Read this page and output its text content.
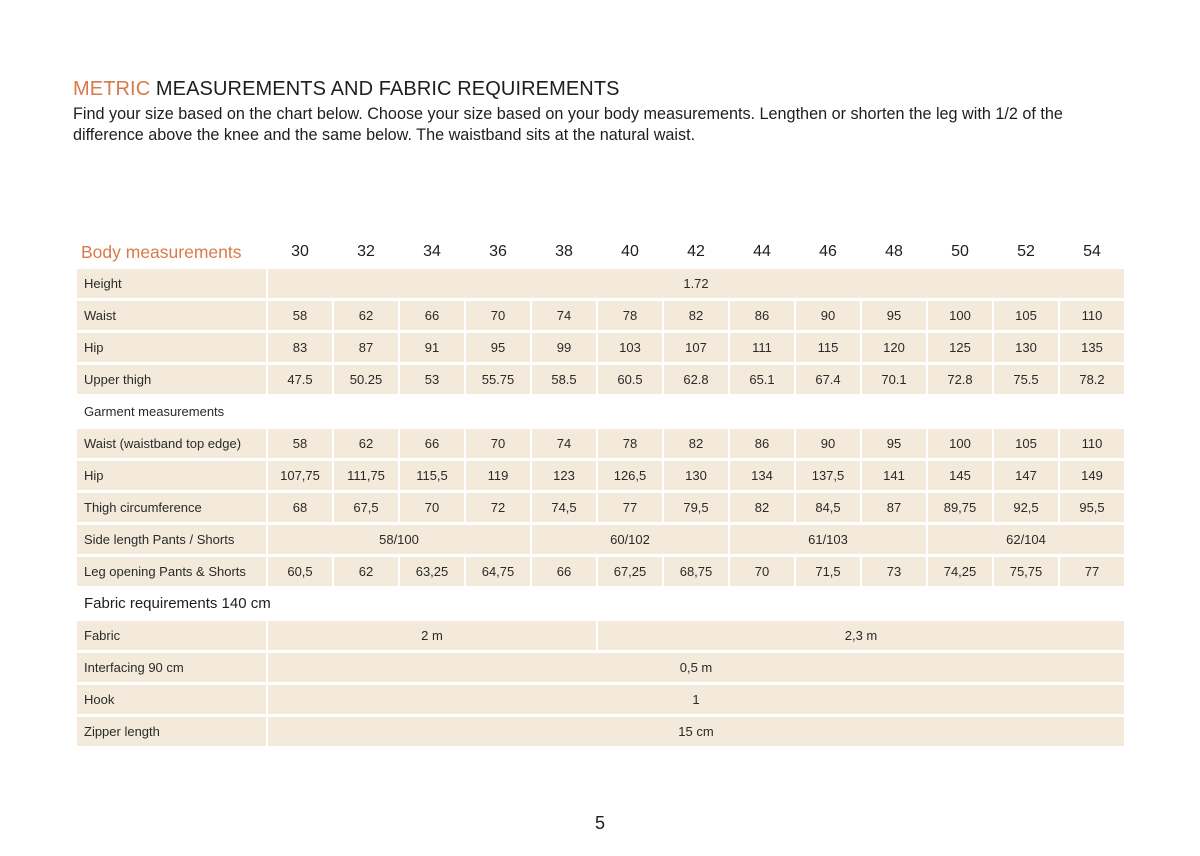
METRIC MEASUREMENTS AND FABRIC REQUIREMENTS
Find your size based on the chart below. Choose your size based on your body measurements. Lengthen or shorten the leg with 1/2 of the difference above the knee and the same below. The waistband sits at the natural waist.
Body measurements	30	32	34	36	38	40	42	44	46	48	50	52	54
Height	1.72
Waist	58	62	66	70	74	78	82	86	90	95	100	105	110
Hip	83	87	91	95	99	103	107	111	115	120	125	130	135
Upper thigh	47.5	50.25	53	55.75	58.5	60.5	62.8	65.1	67.4	70.1	72.8	75.5	78.2
Garment measurements
Waist (waistband top edge)	58	62	66	70	74	78	82	86	90	95	100	105	110
Hip	107,75	111,75	115,5	119	123	126,5	130	134	137,5	141	145	147	149
Thigh circumference	68	67,5	70	72	74,5	77	79,5	82	84,5	87	89,75	92,5	95,5
Side length Pants / Shorts	58/100	60/102	61/103	62/104
Leg opening Pants & Shorts	60,5	62	63,25	64,75	66	67,25	68,75	70	71,5	73	74,25	75,75	77
Fabric requirements 140 cm
Fabric	2 m	2,3 m
Interfacing 90 cm	0,5 m
Hook	1
Zipper length	15 cm
5
